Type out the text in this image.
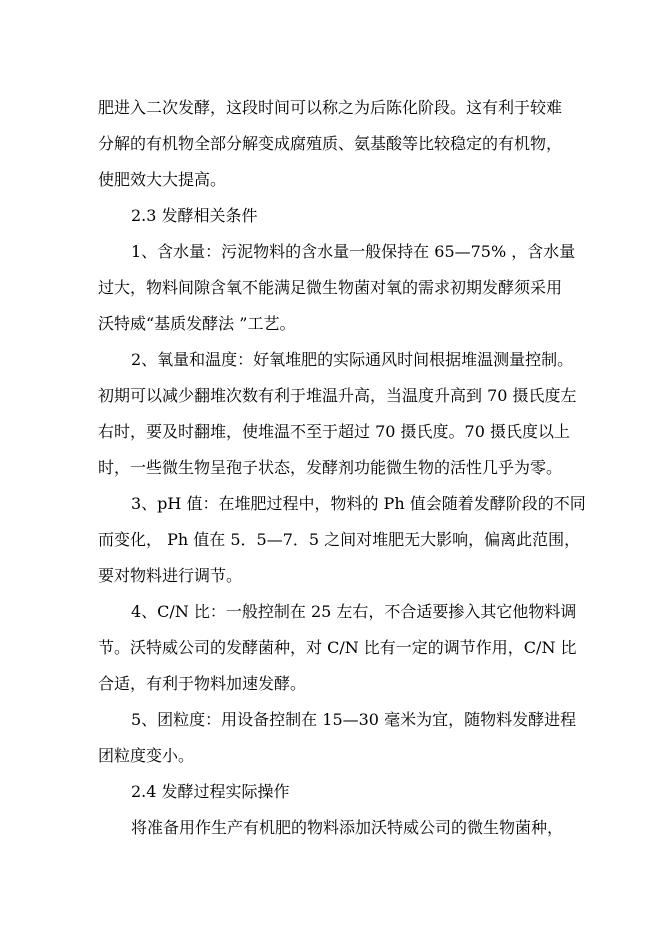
肥进入二次发酵，这段时间可以称之为后陈化阶段。这有利于较难
分解的有机物全部分解变成腐殖质、氨基酸等比较稳定的有机物，
使肥效大大提高。
2.3 发酵相关条件
1、含水量：污泥物料的含水量一般保持在 65—75% ，含水量
过大，物料间隙含氧不能满足微生物菌对氧的需求初期发酵须采用
沃特威“基质发酵法 ”工艺。
2、氧量和温度：好氧堆肥的实际通风时间根据堆温测量控制。
初期可以减少翻堆次数有利于堆温升高，当温度升高到 70 摄氏度左
右时，要及时翻堆，使堆温不至于超过 70 摄氏度。70 摄氏度以上
时，一些微生物呈孢子状态，发酵剂功能微生物的活性几乎为零。
3、pH 值：在堆肥过程中，物料的 Ph 值会随着发酵阶段的不同
而变化， Ph 值在 5．5—7．5 之间对堆肥无大影响，偏离此范围，
要对物料进行调节。
4、C/N 比：一般控制在 25 左右，不合适要掺入其它他物料调
节。沃特威公司的发酵菌种，对 C/N 比有一定的调节作用，C/N 比
合适，有利于物料加速发酵。
5、团粒度：用设备控制在 15—30 毫米为宜，随物料发酵进程
团粒度变小。
2.4 发酵过程实际操作
将准备用作生产有机肥的物料添加沃特威公司的微生物菌种，
